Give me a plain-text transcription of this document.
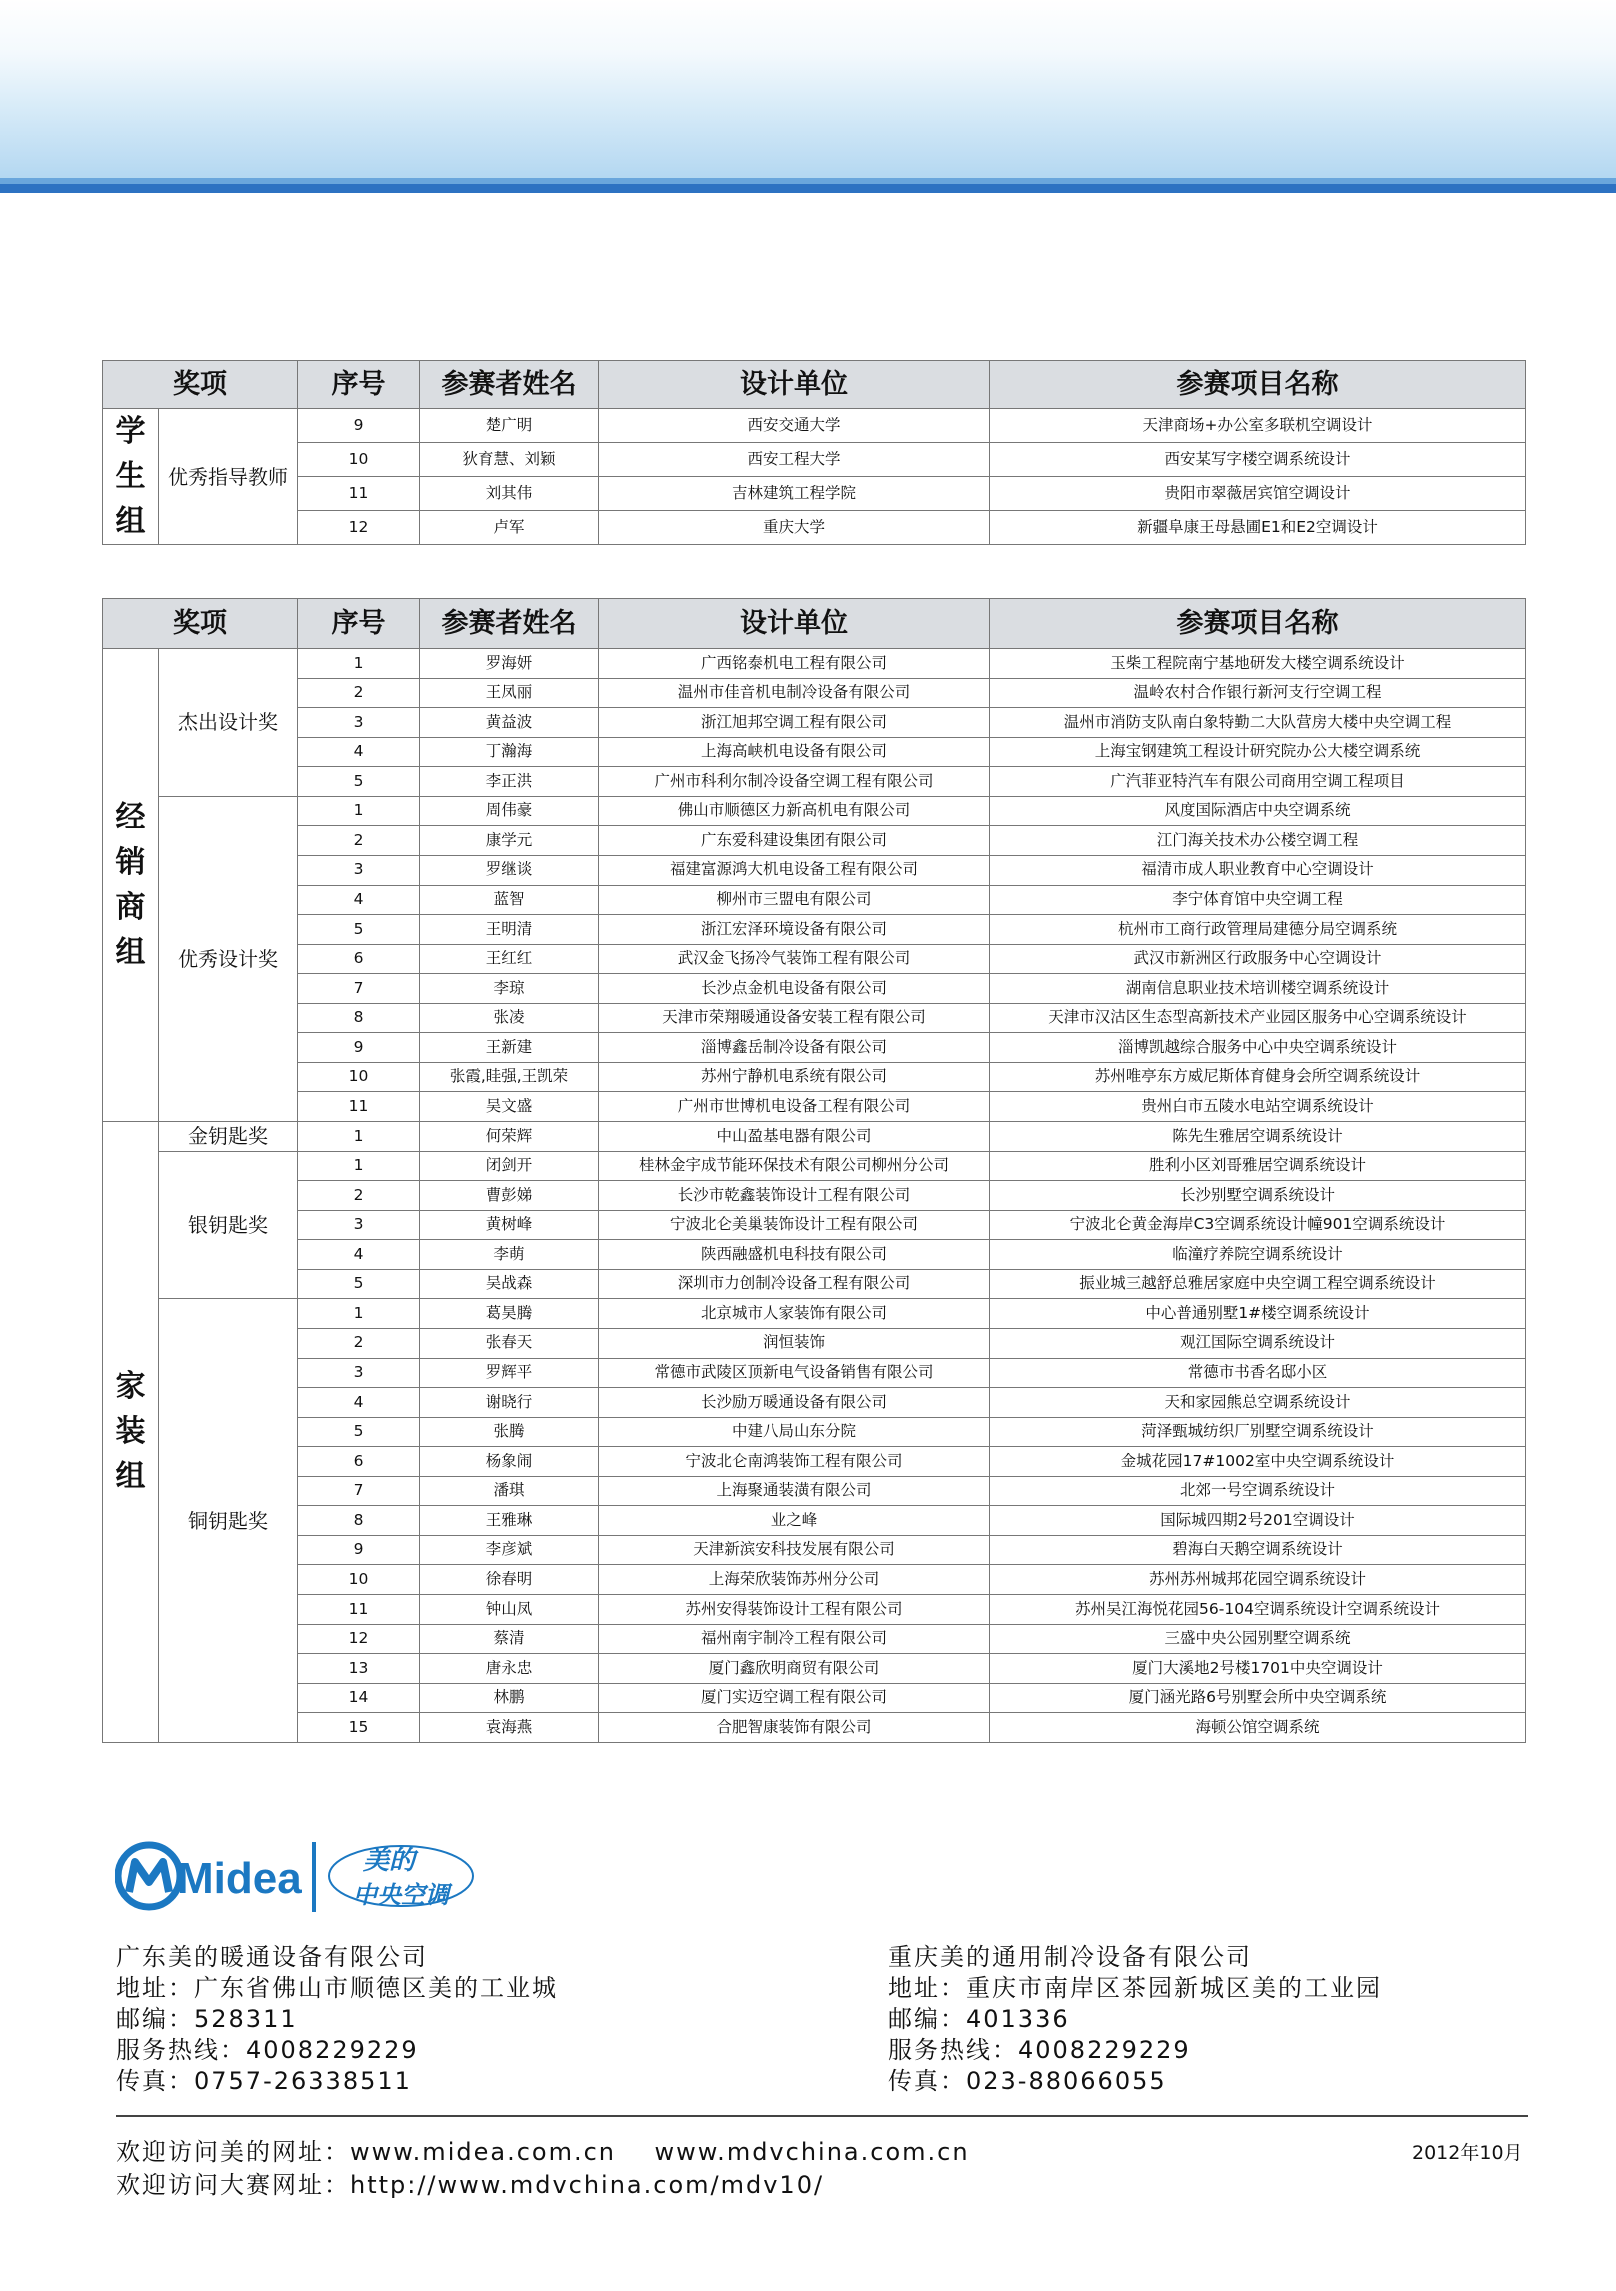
奖项		序号	参赛者姓名	设计单位	参赛项目名称

学
生
组	优秀指导教师	9	楚广明	西安交通大学	天津商场+办公室多联机空调设计
		10	狄育慧、刘颖	西安工程大学	西安某写字楼空调系统设计
		11	刘其伟	吉林建筑工程学院	贵阳市翠薇居宾馆空调设计
		12	卢军	重庆大学	新疆阜康王母悬圃E1和E2空调设计
奖项		序号	参赛者姓名	设计单位	参赛项目名称

经
销
商
组	杰出设计奖	1	罗海妍	广西铭泰机电工程有限公司	玉柴工程院南宁基地研发大楼空调系统设计
		2	王凤丽	温州市佳音机电制冷设备有限公司	温岭农村合作银行新河支行空调工程
		3	黄益波	浙江旭邦空调工程有限公司	温州市消防支队南白象特勤二大队营房大楼中央空调工程
		4	丁瀚海	上海高峡机电设备有限公司	上海宝钢建筑工程设计研究院办公大楼空调系统
		5	李正洪	广州市科利尔制冷设备空调工程有限公司	广汽菲亚特汽车有限公司商用空调工程项目
	优秀设计奖	1	周伟豪	佛山市顺德区力新高机电有限公司	风度国际酒店中央空调系统
		2	康学元	广东爱科建设集团有限公司	江门海关技术办公楼空调工程
		3	罗继谈	福建富源鸿大机电设备工程有限公司	福清市成人职业教育中心空调设计
		4	蓝智	柳州市三盟电有限公司	李宁体育馆中央空调工程
		5	王明清	浙江宏泽环境设备有限公司	杭州市工商行政管理局建德分局空调系统
		6	王红红	武汉金飞扬冷气装饰工程有限公司	武汉市新洲区行政服务中心空调设计
		7	李琼	长沙点金机电设备有限公司	湖南信息职业技术培训楼空调系统设计
		8	张凌	天津市荣翔暖通设备安装工程有限公司	天津市汉沽区生态型高新技术产业园区服务中心空调系统设计
		9	王新建	淄博鑫岳制冷设备有限公司	淄博凯越综合服务中心中央空调系统设计
		10	张霞,眭强,王凯荣	苏州宁静机电系统有限公司	苏州唯亭东方威尼斯体育健身会所空调系统设计
		11	吴文盛	广州市世博机电设备工程有限公司	贵州白市五陵水电站空调系统设计

家
装
组	金钥匙奖	1	何荣辉	中山盈基电器有限公司	陈先生雅居空调系统设计
	银钥匙奖	1	闭剑开	桂林金宇成节能环保技术有限公司柳州分公司	胜利小区刘哥雅居空调系统设计
		2	曹彭娣	长沙市乾鑫装饰设计工程有限公司	长沙别墅空调系统设计
		3	黄树峰	宁波北仑美巢装饰设计工程有限公司	宁波北仑黄金海岸C3空调系统设计幢901空调系统设计
		4	李萌	陕西融盛机电科技有限公司	临潼疗养院空调系统设计
		5	吴战森	深圳市力创制冷设备工程有限公司	振业城三越舒总雅居家庭中央空调工程空调系统设计
	铜钥匙奖	1	葛昊腾	北京城市人家装饰有限公司	中心普通别墅1#楼空调系统设计
		2	张春天	润恒装饰	观江国际空调系统设计
		3	罗辉平	常德市武陵区顶新电气设备销售有限公司	常德市书香名邸小区
		4	谢晓行	长沙励万暖通设备有限公司	天和家园熊总空调系统设计
		5	张腾	中建八局山东分院	菏泽甄城纺织厂别墅空调系统设计
		6	杨象闹	宁波北仑南鸿装饰工程有限公司	金城花园17#1002室中央空调系统设计
		7	潘琪	上海聚通装潢有限公司	北郊一号空调系统设计
		8	王雅琳	业之峰	国际城四期2号201空调设计
		9	李彦斌	天津新滨安科技发展有限公司	碧海白天鹅空调系统设计
		10	徐春明	上海荣欣装饰苏州分公司	苏州苏州城邦花园空调系统设计
		11	钟山凤	苏州安得装饰设计工程有限公司	苏州吴江海悦花园56-104空调系统设计空调系统设计
		12	蔡清	福州南宇制冷工程有限公司	三盛中央公园别墅空调系统
		13	唐永忠	厦门鑫欣明商贸有限公司	厦门大溪地2号楼1701中央空调设计
		14	林鹏	厦门实迈空调工程有限公司	厦门涵光路6号别墅会所中央空调系统
		15	袁海燕	合肥智康装饰有限公司	海顿公馆空调系统
Midea 美的
中央空调
广东美的暖通设备有限公司
地址：广东省佛山市顺德区美的工业城
邮编：528311
服务热线：4008229229
传真：0757-26338511
重庆美的通用制冷设备有限公司
地址：重庆市南岸区茶园新城区美的工业园
邮编：401336
服务热线：4008229229
传真：023-88066055
欢迎访问美的网址：www.midea.com.cn    www.mdvchina.com.cn
欢迎访问大赛网址：http://www.mdvchina.com/mdv10/
2012年10月
